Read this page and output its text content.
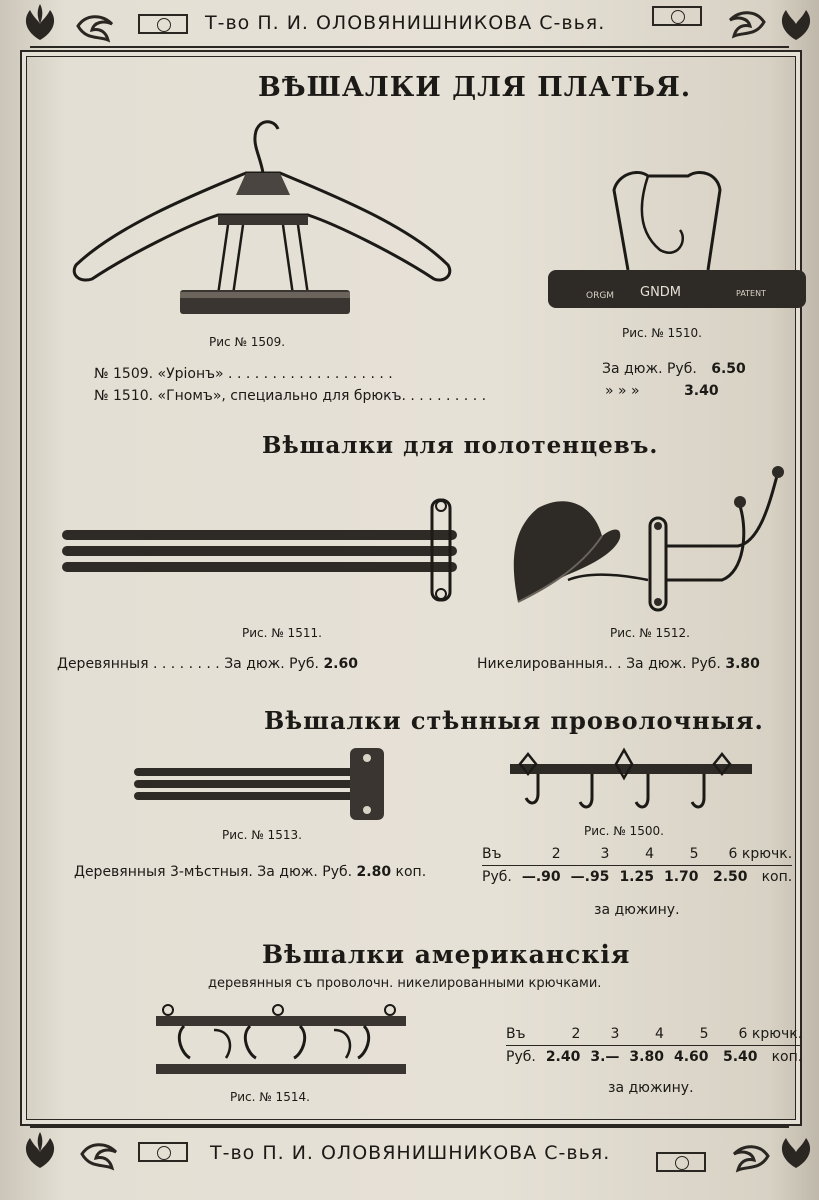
Т-во П. И. ОЛОВЯНИШНИКОВА С-вья.
ВѢШАЛКИ ДЛЯ ПЛАТЬЯ.
Рис № 1509.
ORGM GNDM	PATENT
Рис. № 1510.
№ 1509. «Уріонъ» . . . . . . . . . . . . . . . . . . .	За дюж. Руб. 6.50
№ 1510. «Гномъ», специально для брюкъ. . . . . . . . . .	» » »	3.40
Вѣшалки для полотенцевъ.
Рис. № 1511.	Рис. № 1512.
Деревянныя . . . . . . . . За дюж. Руб. 2.60	Никелированныя.. . За дюж. Руб. 3.80
Вѣшалки стѣнныя проволочныя.
Рис. № 1513.	Рис. № 1500.
Деревянныя 3-мѣстныя. За дюж. Руб. 2.80 коп.
Въ	2	3	4	5	6 крючк.	
Руб.	—.90	—.95	1.25	1.70	2.50	коп.
за дюжину.
Вѣшалки американскія
деревянныя съ проволочн. никелированными крючками.
Рис. № 1514.
Въ	2	3	4	5	6 крючк.	
Руб.	2.40	3.—	3.80	4.60	5.40	коп.
за дюжину.
Т-во П. И. ОЛОВЯНИШНИКОВА С-вья.
